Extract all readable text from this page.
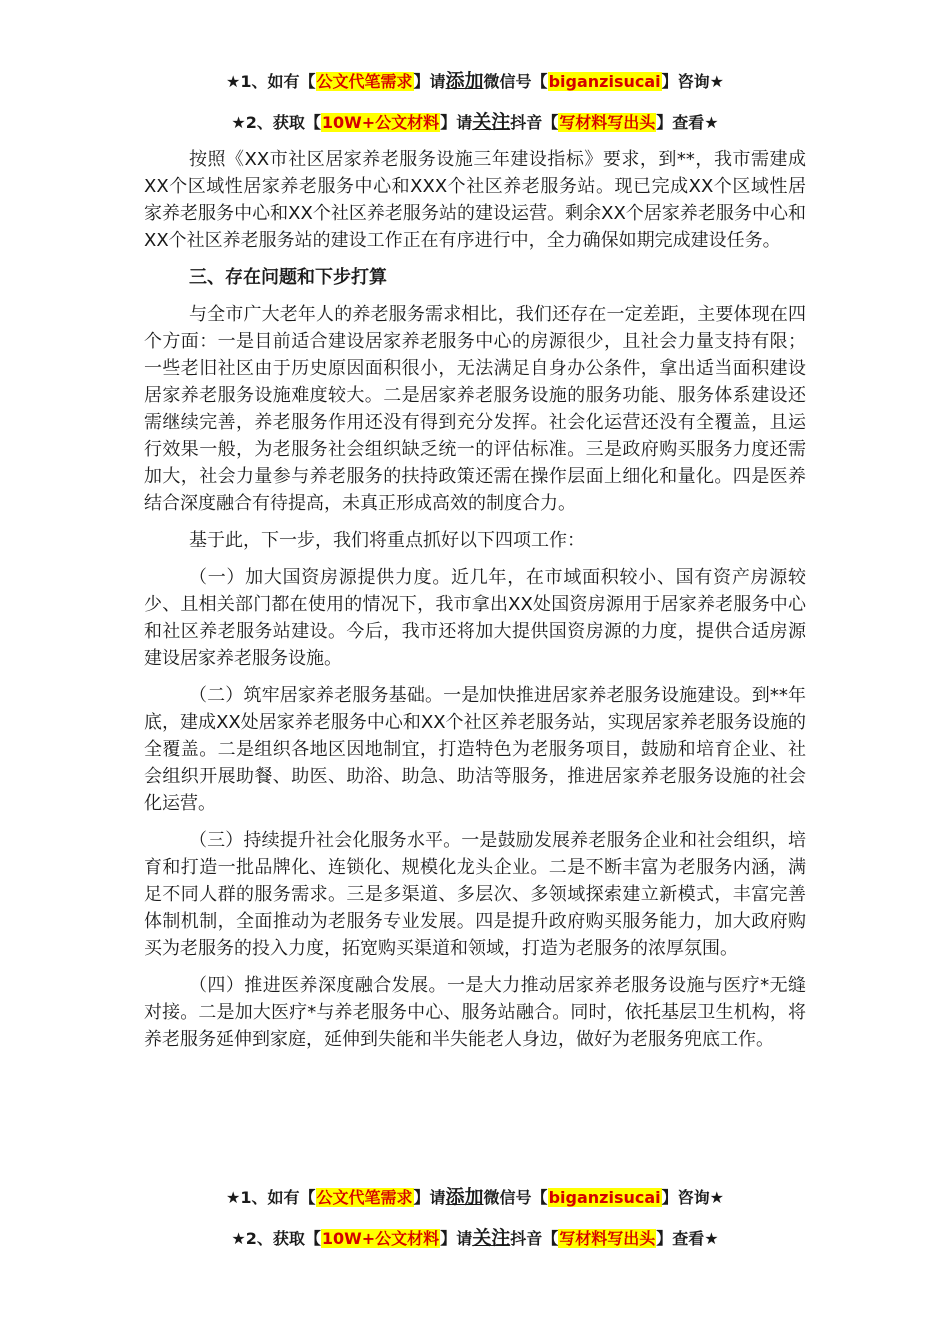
★1、如有【公文代笔需求】请添加微信号【biganzisucai】咨询★
★2、获取【10W+公文材料】请关注抖音【写材料写出头】查看★

按照《XX市社区居家养老服务设施三年建设指标》要求，到**，我市需建成XX个区域性居家养老服务中心和XXX个社区养老服务站。现已完成XX个区域性居家养老服务中心和XX个社区养老服务站的建设运营。剩余XX个居家养老服务中心和XX个社区养老服务站的建设工作正在有序进行中，全力确保如期完成建设任务。

三、存在问题和下步打算

与全市广大老年人的养老服务需求相比，我们还存在一定差距，主要体现在四个方面：一是目前适合建设居家养老服务中心的房源很少，且社会力量支持有限；一些老旧社区由于历史原因面积很小，无法满足自身办公条件，拿出适当面积建设居家养老服务设施难度较大。二是居家养老服务设施的服务功能、服务体系建设还需继续完善，养老服务作用还没有得到充分发挥。社会化运营还没有全覆盖，且运行效果一般，为老服务社会组织缺乏统一的评估标准。三是政府购买服务力度还需加大，社会力量参与养老服务的扶持政策还需在操作层面上细化和量化。四是医养结合深度融合有待提高，未真正形成高效的制度合力。

基于此，下一步，我们将重点抓好以下四项工作：

（一）加大国资房源提供力度。近几年，在市域面积较小、国有资产房源较少、且相关部门都在使用的情况下，我市拿出XX处国资房源用于居家养老服务中心和社区养老服务站建设。今后，我市还将加大提供国资房源的力度，提供合适房源建设居家养老服务设施。

（二）筑牢居家养老服务基础。一是加快推进居家养老服务设施建设。到**年底，建成XX处居家养老服务中心和XX个社区养老服务站，实现居家养老服务设施的全覆盖。二是组织各地区因地制宜，打造特色为老服务项目，鼓励和培育企业、社会组织开展助餐、助医、助浴、助急、助洁等服务，推进居家养老服务设施的社会化运营。

（三）持续提升社会化服务水平。一是鼓励发展养老服务企业和社会组织，培育和打造一批品牌化、连锁化、规模化龙头企业。二是不断丰富为老服务内涵，满足不同人群的服务需求。三是多渠道、多层次、多领域探索建立新模式，丰富完善体制机制，全面推动为老服务专业发展。四是提升政府购买服务能力，加大政府购买为老服务的投入力度，拓宽购买渠道和领域，打造为老服务的浓厚氛围。

（四）推进医养深度融合发展。一是大力推动居家养老服务设施与医疗*无缝对接。二是加大医疗*与养老服务中心、服务站融合。同时，依托基层卫生机构，将养老服务延伸到家庭，延伸到失能和半失能老人身边，做好为老服务兜底工作。

★1、如有【公文代笔需求】请添加微信号【biganzisucai】咨询★
★2、获取【10W+公文材料】请关注抖音【写材料写出头】查看★
